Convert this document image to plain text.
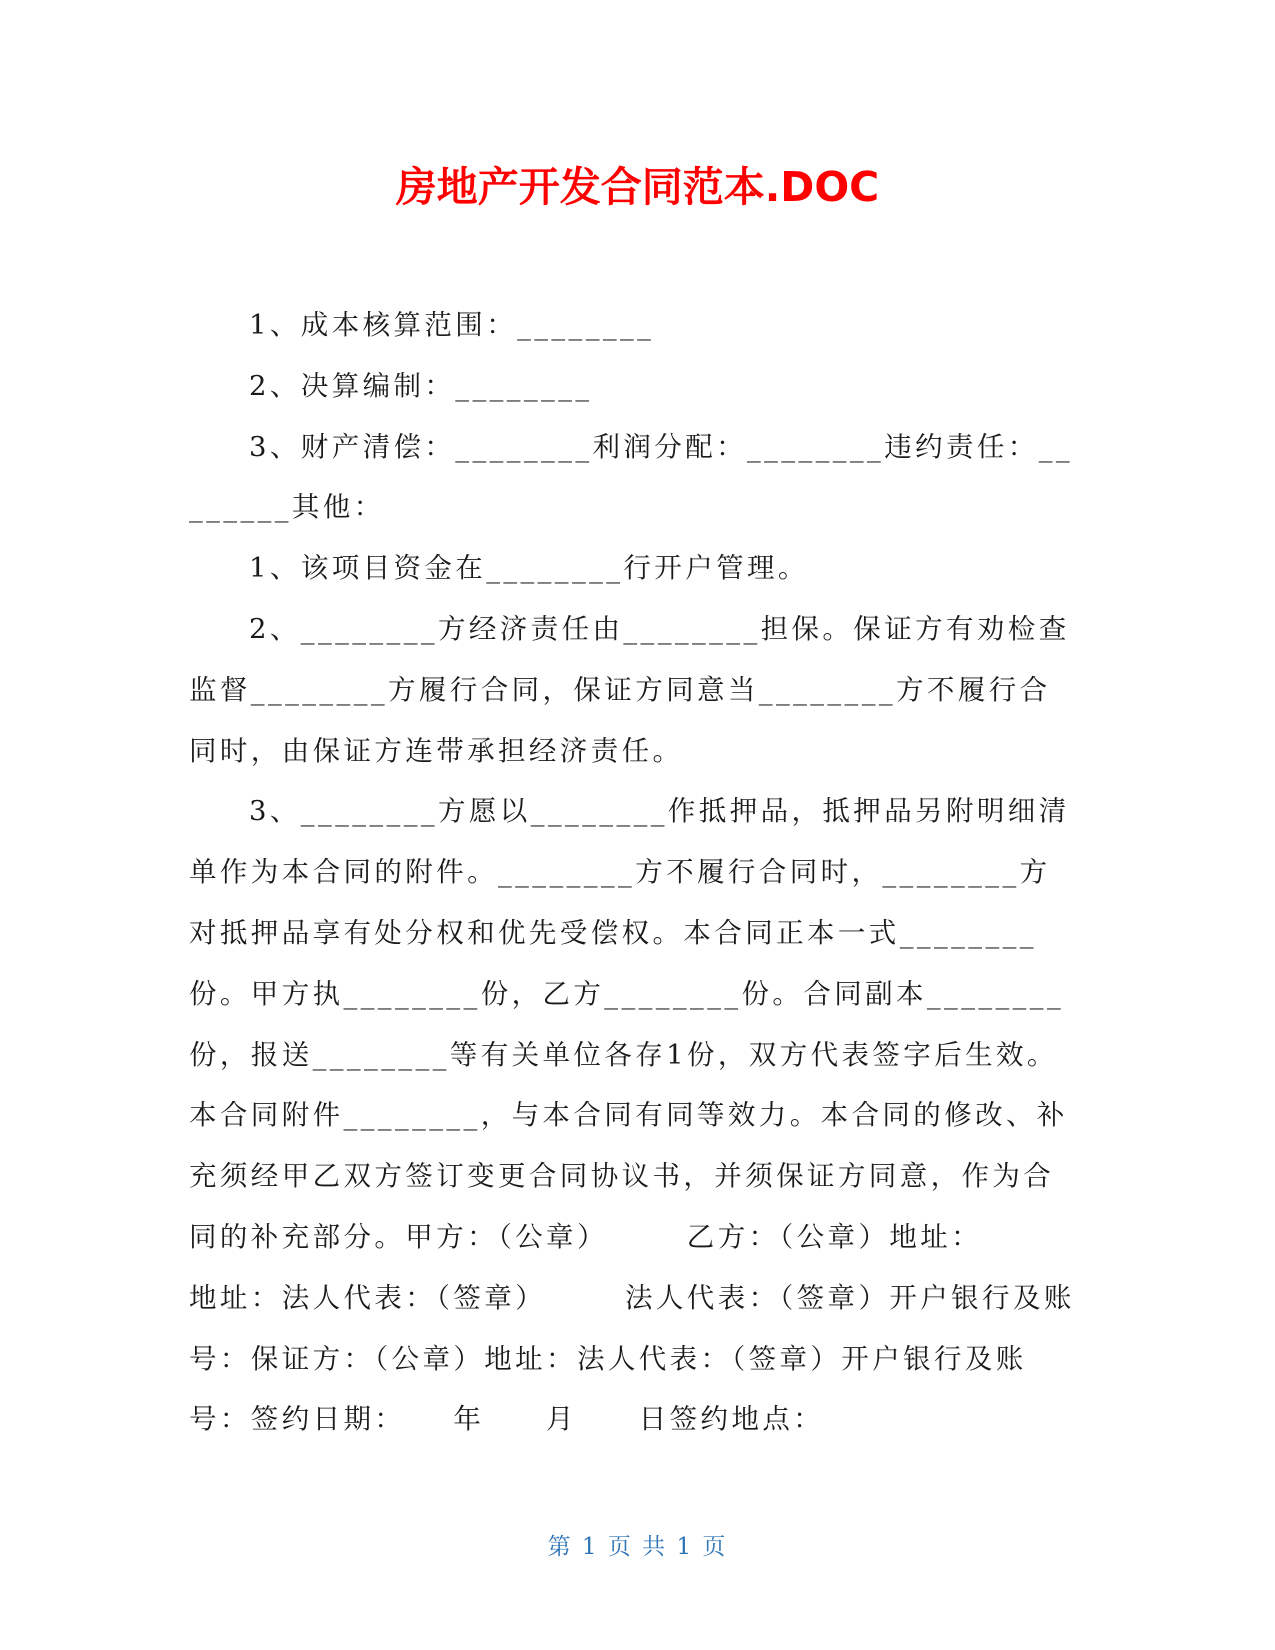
房地产开发合同范本.DOC

1、成本核算范围：________

2、决算编制：________

3、财产清偿：________利润分配：________违约责任：________其他：

1、该项目资金在________行开户管理。

2、________方经济责任由________担保。保证方有劝检查监督________方履行合同，保证方同意当________方不履行合同时，由保证方连带承担经济责任。

3、________方愿以________作抵押品，抵押品另附明细清单作为本合同的附件。________方不履行合同时，________方对抵押品享有处分权和优先受偿权。本合同正本一式________份。甲方执________份，乙方________份。合同副本________份，报送________等有关单位各存1份，双方代表签字后生效。本合同附件________，与本合同有同等效力。本合同的修改、补充须经甲乙双方签订变更合同协议书，并须保证方同意，作为合同的补充部分。甲方：（公章）　　　乙方：（公章）地址：　　　　　　地址：法人代表：（签章）　　　法人代表：（签章）开户银行及账号：保证方：（公章）地址：法人代表：（签章）开户银行及账号：签约日期：　　年　　月　　日签约地点：

第 1 页 共 1 页
